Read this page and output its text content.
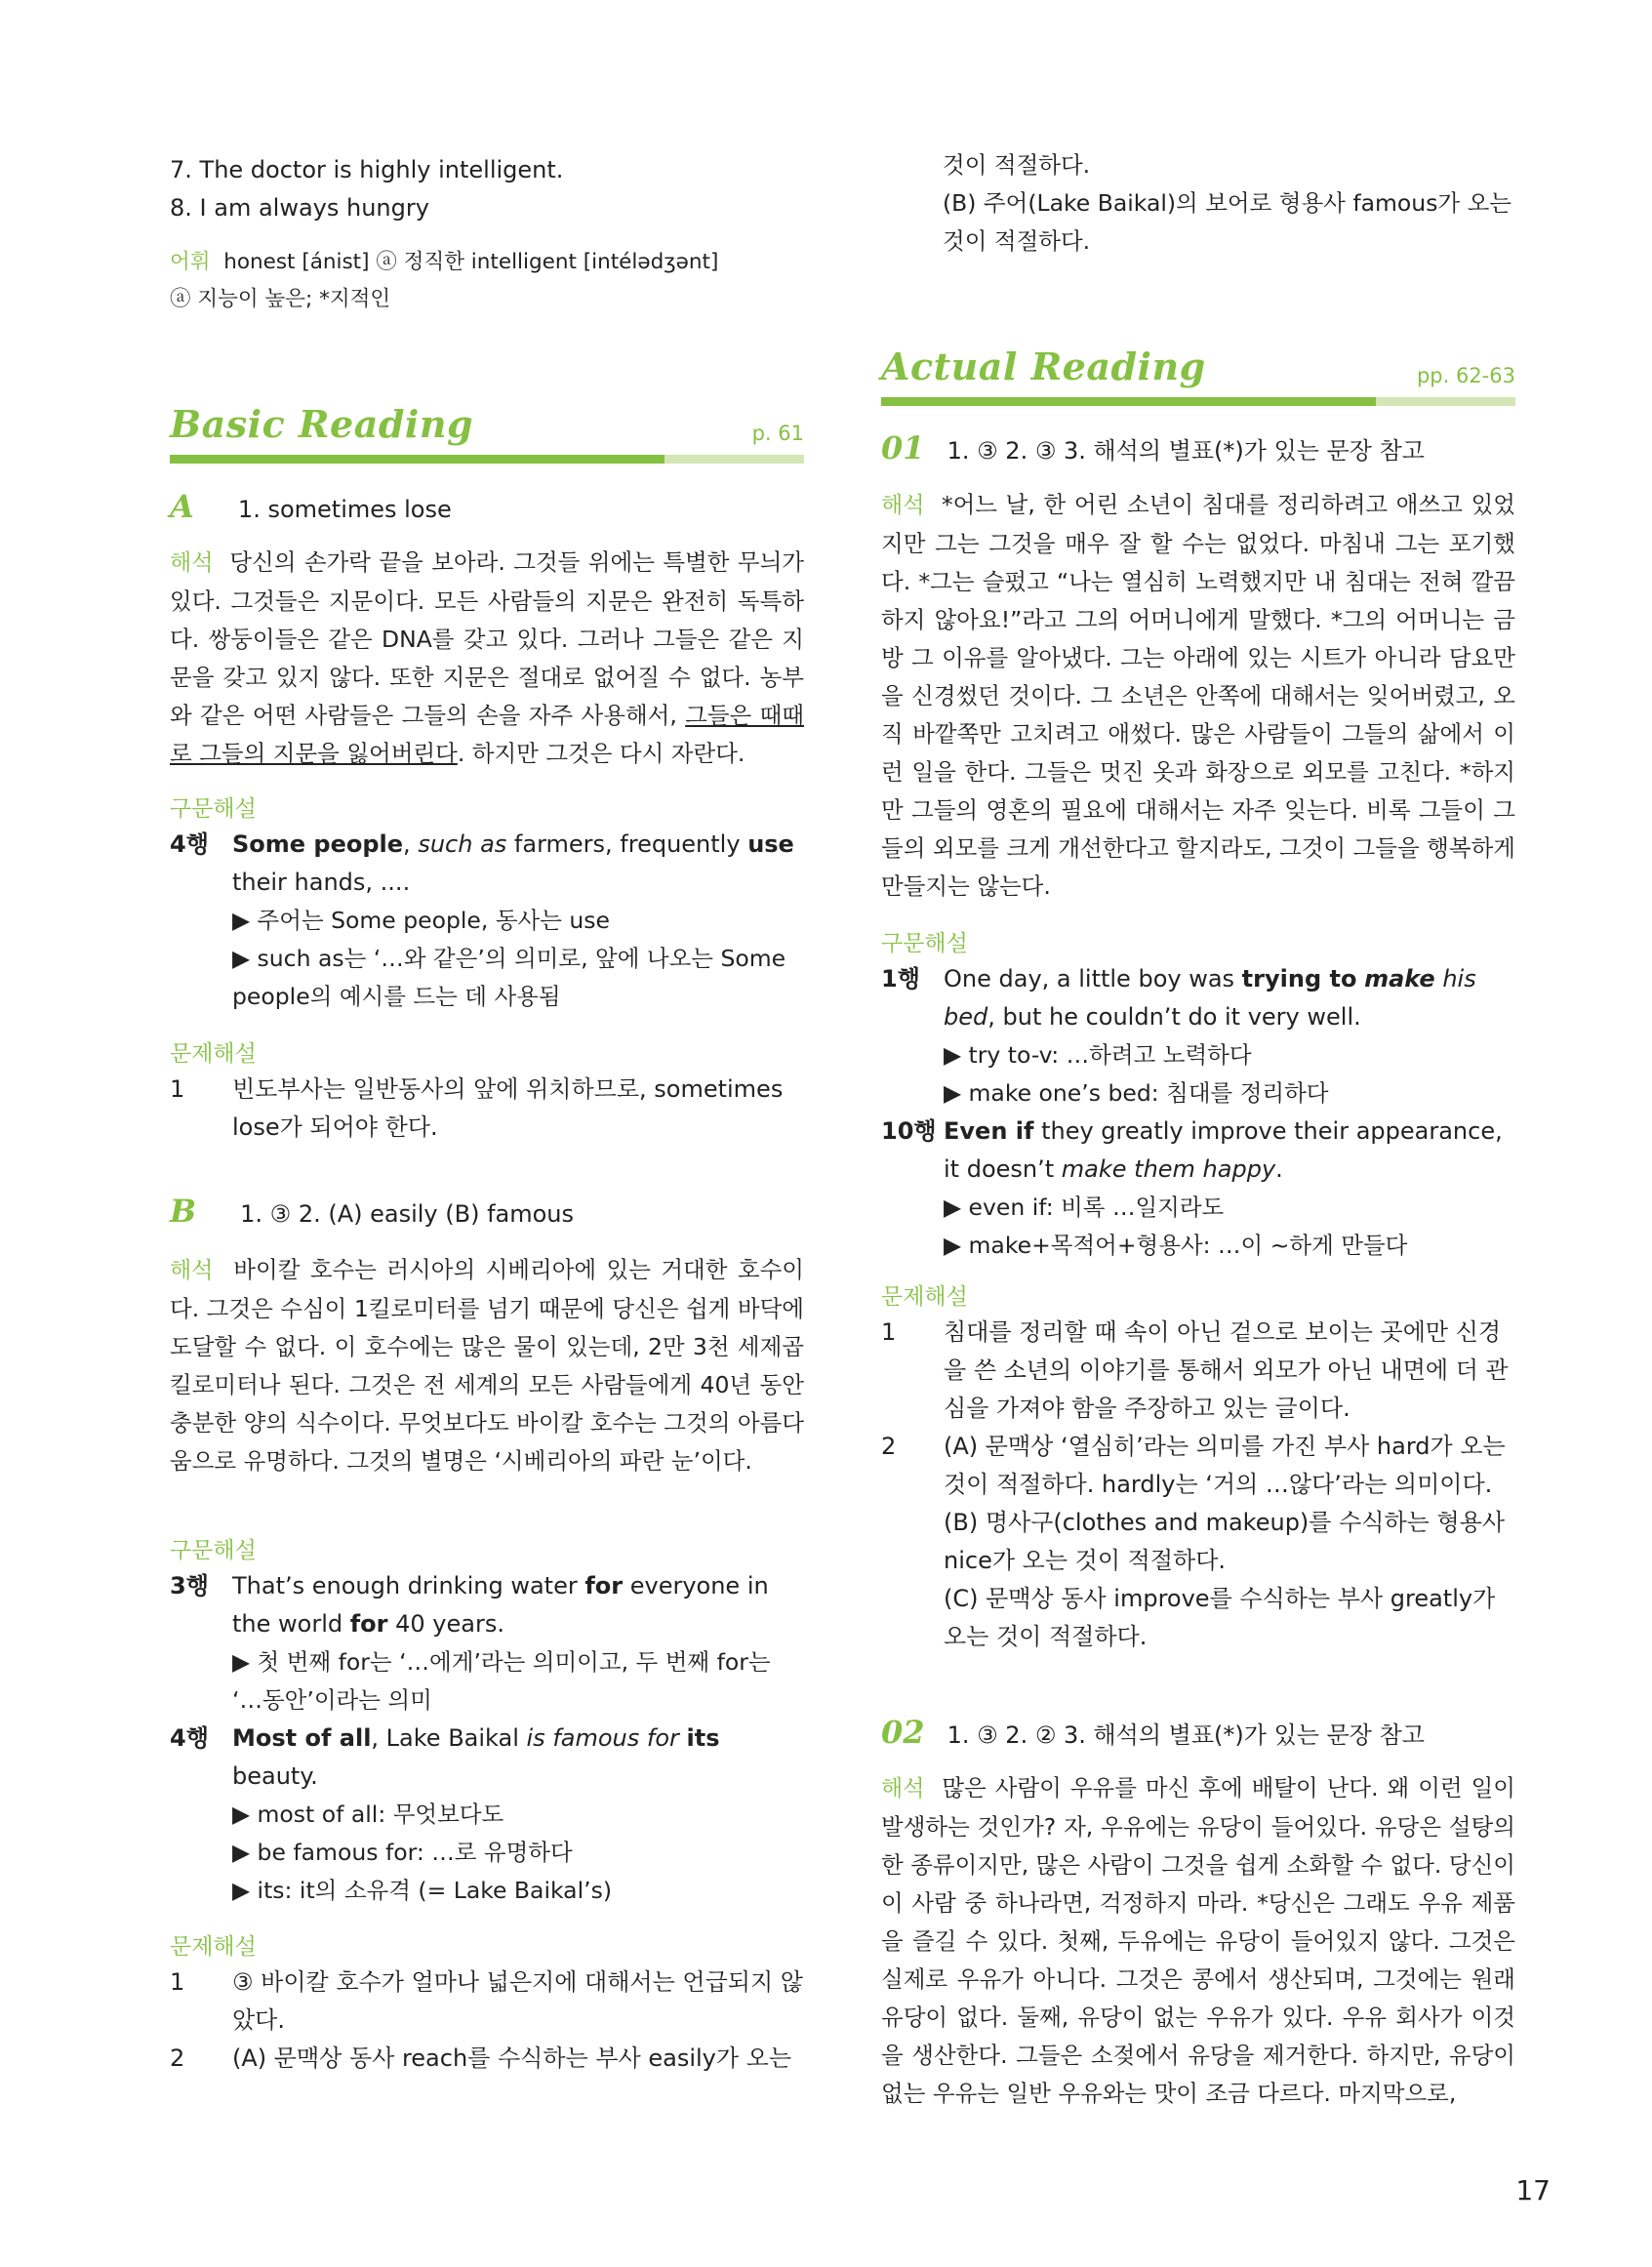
7. The doctor is highly intelligent.

8. I am always hungry

어휘 honest [ánist] ⓐ 정직한 intelligent [intélədʒənt]
ⓐ 지능이 높은; *지적인
Basic Reading	p. 61
A 1. sometimes lose

해석 당신의 손가락 끝을 보아라. 그것들 위에는 특별한 무늬가 있다. 그것들은 지문이다. 모든 사람들의 지문은 완전히 독특하다. 쌍둥이들은 같은 DNA를 갖고 있다. 그러나 그들은 같은 지문을 갖고 있지 않다. 또한 지문은 절대로 없어질 수 없다. 농부와 같은 어떤 사람들은 그들의 손을 자주 사용해서, 그들은 때때로 그들의 지문을 잃어버린다. 하지만 그것은 다시 자란다.

구문해설
4행	Some people, such as farmers, frequently use their hands, ....
▶ 주어는 Some people, 동사는 use
▶ such as는 ‘…와 같은’의 의미로, 앞에 나오는 Some people의 예시를 드는 데 사용됨
문제해설
1	빈도부사는 일반동사의 앞에 위치하므로, sometimes lose가 되어야 한다.
B 1. ③ 2. (A) easily (B) famous

해석 바이칼 호수는 러시아의 시베리아에 있는 거대한 호수이다. 그것은 수심이 1킬로미터를 넘기 때문에 당신은 쉽게 바닥에 도달할 수 없다. 이 호수에는 많은 물이 있는데, 2만 3천 세제곱 킬로미터나 된다. 그것은 전 세계의 모든 사람들에게 40년 동안 충분한 양의 식수이다. 무엇보다도 바이칼 호수는 그것의 아름다움으로 유명하다. 그것의 별명은 ‘시베리아의 파란 눈’이다.

구문해설
3행	That’s enough drinking water for everyone in the world for 40 years.
▶ 첫 번째 for는 ‘…에게’라는 의미이고, 두 번째 for는 ‘…동안’이라는 의미
4행	Most of all, Lake Baikal is famous for its beauty.
▶ most of all: 무엇보다도
▶ be famous for: …로 유명하다
▶ its: it의 소유격 (= Lake Baikal’s)
문제해설
1	③ 바이칼 호수가 얼마나 넓은지에 대해서는 언급되지 않았다.
2	(A) 문맥상 동사 reach를 수식하는 부사 easily가 오는
것이 적절하다.
(B) 주어(Lake Baikal)의 보어로 형용사 famous가 오는 것이 적절하다.
Actual Reading	pp. 62-63
01 1. ③ 2. ③ 3. 해석의 별표(*)가 있는 문장 참고

해석 *어느 날, 한 어린 소년이 침대를 정리하려고 애쓰고 있었지만 그는 그것을 매우 잘 할 수는 없었다. 마침내 그는 포기했다. *그는 슬펐고 “나는 열심히 노력했지만 내 침대는 전혀 깔끔하지 않아요!”라고 그의 어머니에게 말했다. *그의 어머니는 금방 그 이유를 알아냈다. 그는 아래에 있는 시트가 아니라 담요만을 신경썼던 것이다. 그 소년은 안쪽에 대해서는 잊어버렸고, 오직 바깥쪽만 고치려고 애썼다. 많은 사람들이 그들의 삶에서 이런 일을 한다. 그들은 멋진 옷과 화장으로 외모를 고친다. *하지만 그들의 영혼의 필요에 대해서는 자주 잊는다. 비록 그들이 그들의 외모를 크게 개선한다고 할지라도, 그것이 그들을 행복하게 만들지는 않는다.

구문해설
1행	One day, a little boy was trying to make his bed, but he couldn’t do it very well.
▶ try to-v: …하려고 노력하다
▶ make one’s bed: 침대를 정리하다
10행 Even if they greatly improve their appearance, it doesn’t make them happy.
▶ even if: 비록 …일지라도
▶ make+목적어+형용사: …이 ~하게 만들다
문제해설
1	침대를 정리할 때 속이 아닌 겉으로 보이는 곳에만 신경을 쓴 소년의 이야기를 통해서 외모가 아닌 내면에 더 관심을 가져야 함을 주장하고 있는 글이다.
2	(A) 문맥상 ‘열심히’라는 의미를 가진 부사 hard가 오는 것이 적절하다. hardly는 ‘거의 …않다’라는 의미이다.
(B) 명사구(clothes and makeup)를 수식하는 형용사 nice가 오는 것이 적절하다.
(C) 문맥상 동사 improve를 수식하는 부사 greatly가 오는 것이 적절하다.
02 1. ③ 2. ② 3. 해석의 별표(*)가 있는 문장 참고

해석 많은 사람이 우유를 마신 후에 배탈이 난다. 왜 이런 일이 발생하는 것인가? 자, 우유에는 유당이 들어있다. 유당은 설탕의 한 종류이지만, 많은 사람이 그것을 쉽게 소화할 수 없다. 당신이 이 사람 중 하나라면, 걱정하지 마라. *당신은 그래도 우유 제품을 즐길 수 있다. 첫째, 두유에는 유당이 들어있지 않다. 그것은 실제로 우유가 아니다. 그것은 콩에서 생산되며, 그것에는 원래 유당이 없다. 둘째, 유당이 없는 우유가 있다. 우유 회사가 이것을 생산한다. 그들은 소젖에서 유당을 제거한다. 하지만, 유당이 없는 우유는 일반 우유와는 맛이 조금 다르다. 마지막으로,

17
